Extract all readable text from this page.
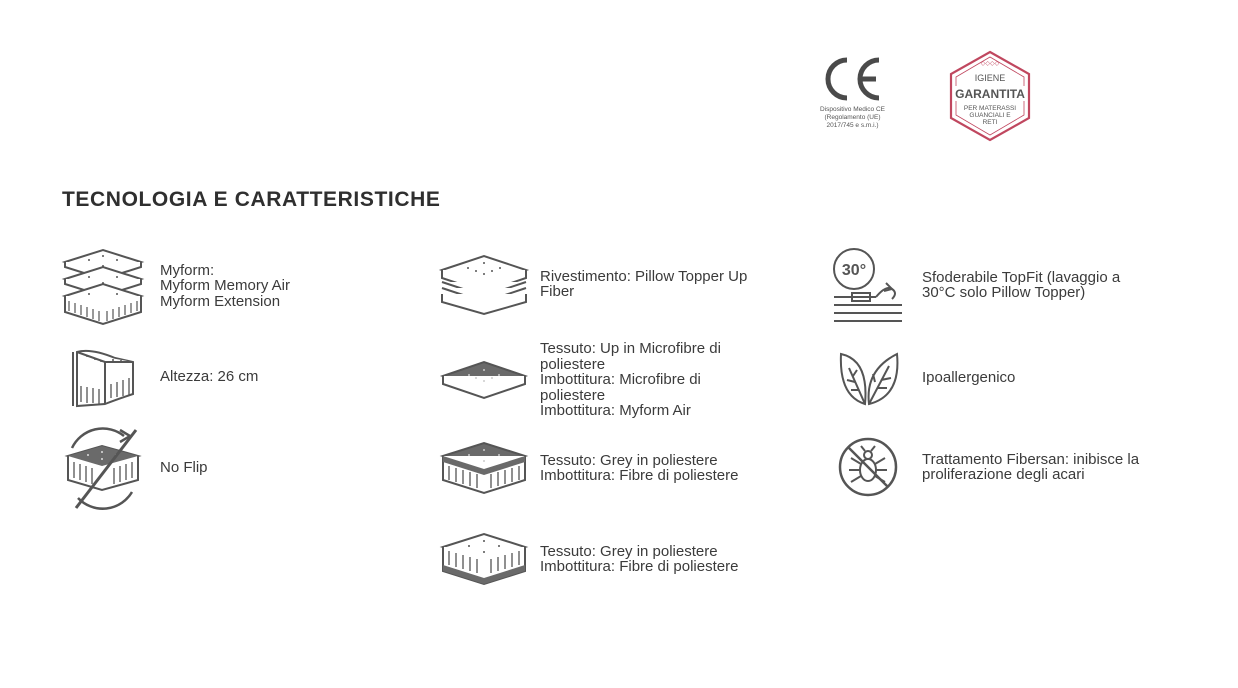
Dispositivo Medico CE
(Regolamento (UE)
2017/745 e s.m.i.)
◇◇◇◇
IGIENE
GARANTITA
PER MATERASSI
GUANCIALI E
RETI
TECNOLOGIA E CARATTERISTICHE
Myform:
Myform Memory Air
Myform Extension
Altezza: 26 cm
No Flip
Rivestimento: Pillow Topper Up
Fiber
Tessuto: Up in Microfibre di
poliestere
Imbottitura: Microfibre di
poliestere
Imbottitura: Myform Air
Tessuto: Grey in poliestere
Imbottitura: Fibre di poliestere
Tessuto: Grey in poliestere
Imbottitura: Fibre di poliestere
30°	Sfoderabile TopFit (lavaggio a
30°C solo Pillow Topper)
Ipoallergenico
Trattamento Fibersan: inibisce la
proliferazione degli acari
